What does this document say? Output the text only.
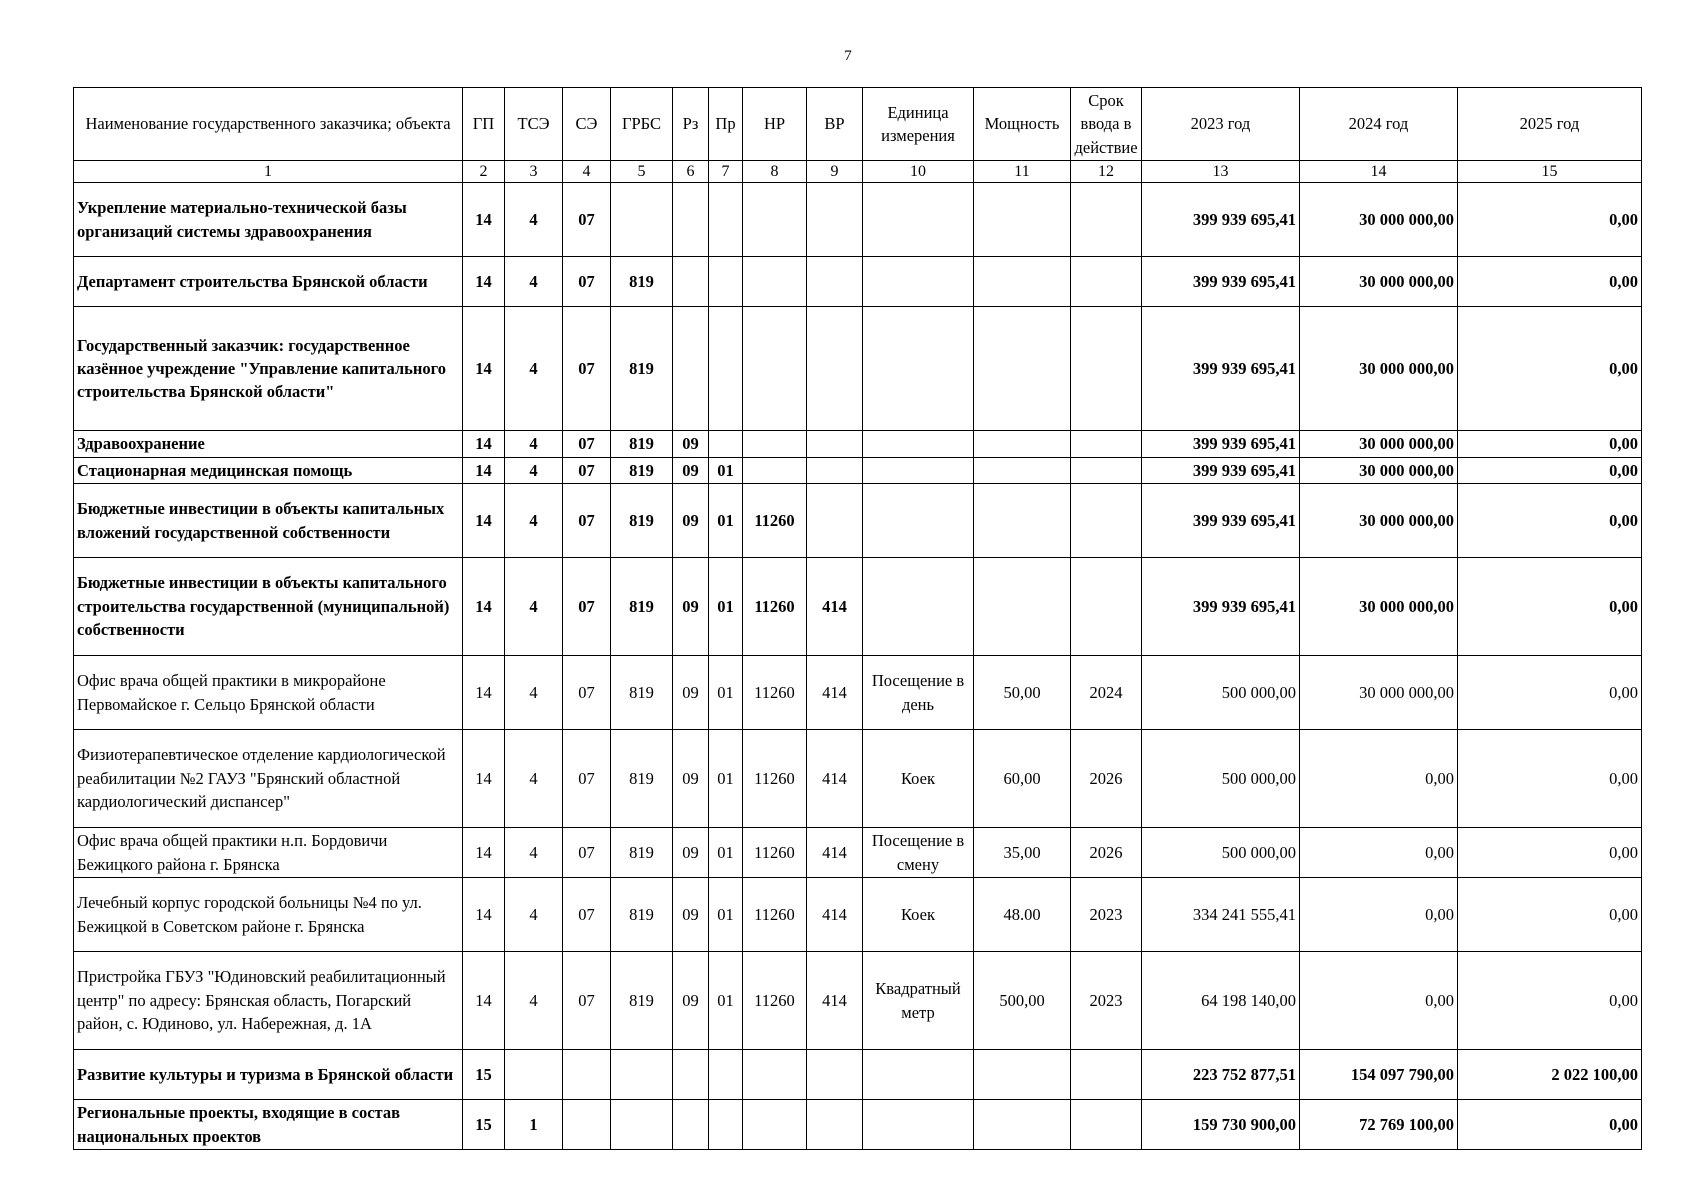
7
Наименование государственного заказчика; объекта	ГП	ТСЭ	СЭ	ГРБС	Рз	Пр	НР	ВР	Единица измерения	Мощность	Срок ввода в действие	2023 год	2024 год	2025 год
1	2	3	4	5	6	7	8	9	10	11	12	13	14	15
Укрепление материально-технической базы организаций системы здравоохранения	14	4	07									399 939 695,41	30 000 000,00	0,00
Департамент строительства Брянской области	14	4	07	819								399 939 695,41	30 000 000,00	0,00
Государственный заказчик: государственное казённое учреждение "Управление капитального строительства Брянской области"	14	4	07	819								399 939 695,41	30 000 000,00	0,00
Здравоохранение	14	4	07	819	09							399 939 695,41	30 000 000,00	0,00
Стационарная медицинская помощь	14	4	07	819	09	01						399 939 695,41	30 000 000,00	0,00
Бюджетные инвестиции в объекты капитальных вложений государственной собственности	14	4	07	819	09	01	11260					399 939 695,41	30 000 000,00	0,00
Бюджетные инвестиции в объекты капитального строительства государственной (муниципальной) собственности	14	4	07	819	09	01	11260	414				399 939 695,41	30 000 000,00	0,00
Офис врача общей практики в микрорайоне Первомайское г. Сельцо Брянской области	14	4	07	819	09	01	11260	414	Посещение в день	50,00	2024	500 000,00	30 000 000,00	0,00
Физиотерапевтическое отделение кардиологической реабилитации №2 ГАУЗ "Брянский областной кардиологический диспансер"	14	4	07	819	09	01	11260	414	Коек	60,00	2026	500 000,00	0,00	0,00
Офис врача общей практики н.п. Бордовичи Бежицкого района г. Брянска	14	4	07	819	09	01	11260	414	Посещение в смену	35,00	2026	500 000,00	0,00	0,00
Лечебный корпус городской больницы №4 по ул. Бежицкой в Советском районе г. Брянска	14	4	07	819	09	01	11260	414	Коек	48.00	2023	334 241 555,41	0,00	0,00
Пристройка ГБУЗ "Юдиновский реабилитационный центр" по адресу: Брянская область, Погарский район, с. Юдиново, ул. Набережная, д. 1А	14	4	07	819	09	01	11260	414	Квадратный метр	500,00	2023	64 198 140,00	0,00	0,00
Развитие культуры и туризма в Брянской области	15											223 752 877,51	154 097 790,00	2 022 100,00
Региональные проекты, входящие в состав национальных проектов	15	1										159 730 900,00	72 769 100,00	0,00
